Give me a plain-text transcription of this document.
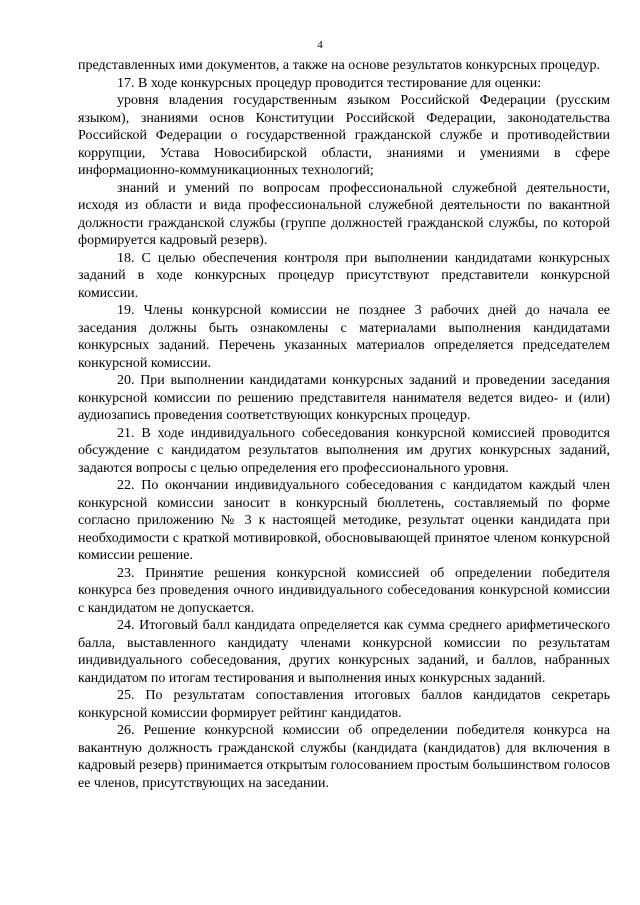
4

представленных ими документов, а также на основе результатов конкурсных процедур.

17. В ходе конкурсных процедур проводится тестирование для оценки:

уровня владения государственным языком Российской Федерации (русским языком), знаниями основ Конституции Российской Федерации, законодательства Российской Федерации о государственной гражданской службе и противодействии коррупции, Устава Новосибирской области, знаниями и умениями в сфере информационно-коммуникационных технологий;

знаний и умений по вопросам профессиональной служебной деятельности, исходя из области и вида профессиональной служебной деятельности по вакантной должности гражданской службы (группе должностей гражданской службы, по которой формируется кадровый резерв).

18. С целью обеспечения контроля при выполнении кандидатами конкурсных заданий в ходе конкурсных процедур присутствуют представители конкурсной комиссии.

19. Члены конкурсной комиссии не позднее 3 рабочих дней до начала ее заседания должны быть ознакомлены с материалами выполнения кандидатами конкурсных заданий. Перечень указанных материалов определяется председателем конкурсной комиссии.

20. При выполнении кандидатами конкурсных заданий и проведении заседания конкурсной комиссии по решению представителя нанимателя ведется видео- и (или) аудиозапись проведения соответствующих конкурсных процедур.

21. В ходе индивидуального собеседования конкурсной комиссией проводится обсуждение с кандидатом результатов выполнения им других конкурсных заданий, задаются вопросы с целью определения его профессионального уровня.

22. По окончании индивидуального собеседования с кандидатом каждый член конкурсной комиссии заносит в конкурсный бюллетень, составляемый по форме согласно приложению № 3 к настоящей методике, результат оценки кандидата при необходимости с краткой мотивировкой, обосновывающей принятое членом конкурсной комиссии решение.

23. Принятие решения конкурсной комиссией об определении победителя конкурса без проведения очного индивидуального собеседования конкурсной комиссии с кандидатом не допускается.

24. Итоговый балл кандидата определяется как сумма среднего арифметического балла, выставленного кандидату членами конкурсной комиссии по результатам индивидуального собеседования, других конкурсных заданий, и баллов, набранных кандидатом по итогам тестирования и выполнения иных конкурсных заданий.

25. По результатам сопоставления итоговых баллов кандидатов секретарь конкурсной комиссии формирует рейтинг кандидатов.

26. Решение конкурсной комиссии об определении победителя конкурса на вакантную должность гражданской службы (кандидата (кандидатов) для включения в кадровый резерв) принимается открытым голосованием простым большинством голосов ее членов, присутствующих на заседании.
